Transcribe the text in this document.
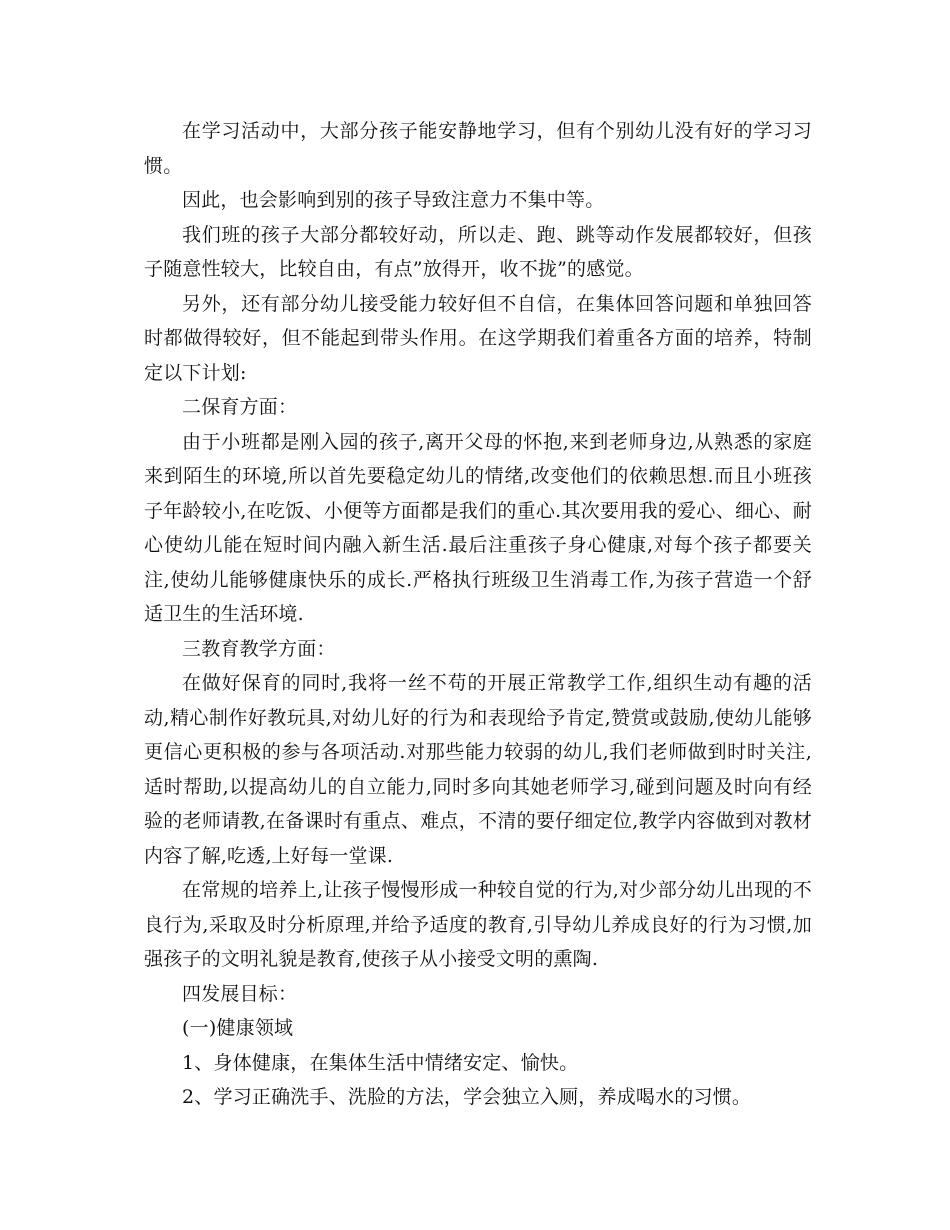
在学习活动中，大部分孩子能安静地学习，但有个别幼儿没有好的学习习惯。

因此，也会影响到别的孩子导致注意力不集中等。

我们班的孩子大部分都较好动，所以走、跑、跳等动作发展都较好，但孩子随意性较大，比较自由，有点”放得开，收不拢”的感觉。

另外，还有部分幼儿接受能力较好但不自信，在集体回答问题和单独回答时都做得较好，但不能起到带头作用。在这学期我们着重各方面的培养，特制定以下计划:

二保育方面：

由于小班都是刚入园的孩子,离开父母的怀抱,来到老师身边,从熟悉的家庭来到陌生的环境,所以首先要稳定幼儿的情绪,改变他们的依赖思想.而且小班孩子年龄较小,在吃饭、小便等方面都是我们的重心.其次要用我的爱心、细心、耐心使幼儿能在短时间内融入新生活.最后注重孩子身心健康,对每个孩子都要关注,使幼儿能够健康快乐的成长.严格执行班级卫生消毒工作,为孩子营造一个舒适卫生的生活环境.

三教育教学方面：

在做好保育的同时,我将一丝不苟的开展正常教学工作,组织生动有趣的活动,精心制作好教玩具,对幼儿好的行为和表现给予肯定,赞赏或鼓励,使幼儿能够更信心更积极的参与各项活动.对那些能力较弱的幼儿,我们老师做到时时关注,适时帮助,以提高幼儿的自立能力,同时多向其她老师学习,碰到问题及时向有经验的老师请教,在备课时有重点、难点，不清的要仔细定位,教学内容做到对教材内容了解,吃透,上好每一堂课.

在常规的培养上,让孩子慢慢形成一种较自觉的行为,对少部分幼儿出现的不良行为,采取及时分析原理,并给予适度的教育,引导幼儿养成良好的行为习惯,加强孩子的文明礼貌是教育,使孩子从小接受文明的熏陶.

四发展目标：

(一)健康领域

1、身体健康，在集体生活中情绪安定、愉快。

2、学习正确洗手、洗脸的方法，学会独立入厕，养成喝水的习惯。
